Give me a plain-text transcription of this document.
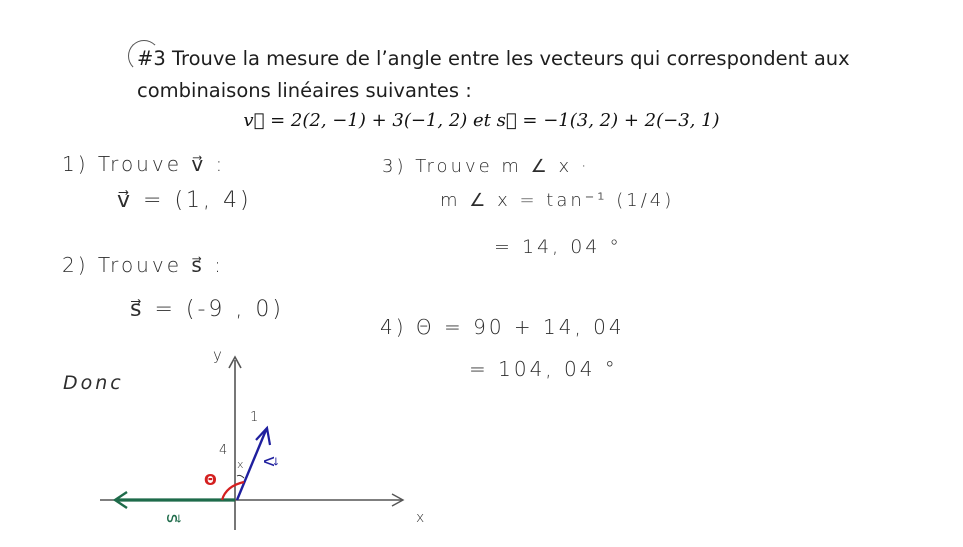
#3 Trouve la mesure de l’angle entre les vecteurs qui correspondent aux
combinaisons linéaires suivantes :
v⃗ = 2(2, −1) + 3(−1, 2) et s⃗ = −1(3, 2) + 2(−3, 1)
1) Trouve v⃗ :
v⃗ = (1, 4)
2) Trouve s⃗ :
s⃗ = (-9 , 0)
3) Trouve m ∠ x ·
m ∠ x = tan⁻¹ (1/4)
= 14, 04 °
4) Θ = 90 + 14, 04
= 104, 04 °
Donc
y
x
v⃗
s⃗
1
4
x
Θ
